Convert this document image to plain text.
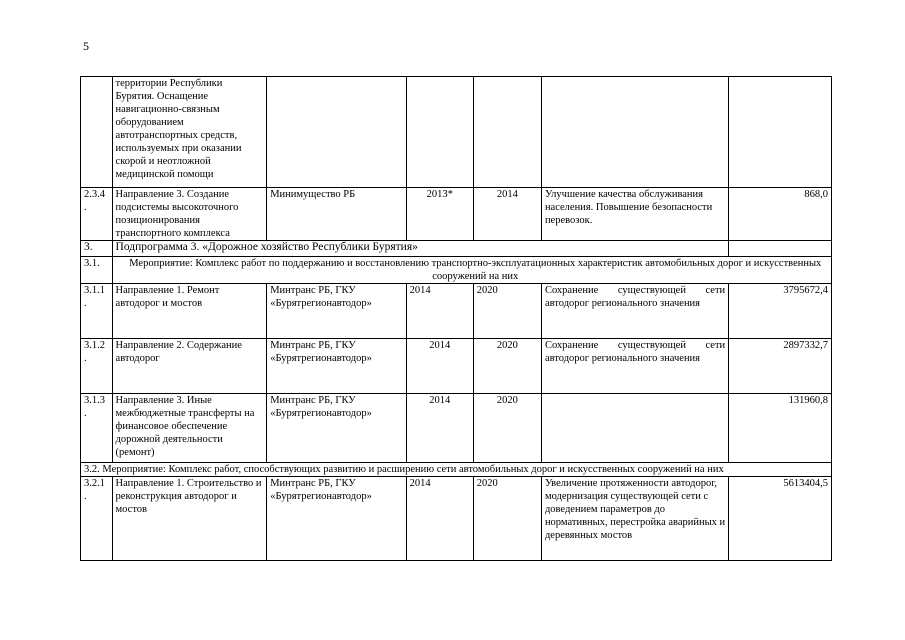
5
	территории Республики Бурятия. Оснащение навигационно-связным оборудованием автотранспортных средств, используемых при оказании скорой и неотложной медицинской помощи					
2.3.4 .	Направление 3. Создание подсистемы высокоточного позиционирования транспортного комплекса	Минимущество РБ	2013*	2014	Улучшение качества обслуживания населения. Повышение безопасности перевозок.	868,0
3.	Подпрограмма 3. «Дорожное хозяйство Республики Бурятия»					
3.1.	Мероприятие: Комплекс работ по поддержанию и восстановлению транспортно-эксплуатационных характеристик автомобильных дорог и искусственных сооружений на них					
3.1.1 .	Направление 1. Ремонт автодорог и мостов	Минтранс РБ, ГКУ «Бурятрегионавтодор»	2014	2020	Сохранение существующей сети автодорог регионального значения	3795672,4
3.1.2 .	Направление 2. Содержание автодорог	Минтранс РБ, ГКУ «Бурятрегионавтодор»	2014	2020	Сохранение существующей сети автодорог регионального значения	2897332,7
3.1.3 .	Направление 3. Иные межбюджетные трансферты на финансовое обеспечение дорожной деятельности (ремонт)	Минтранс РБ, ГКУ «Бурятрегионавтодор»	2014	2020		131960,8
3.2. Мероприятие: Комплекс работ, способствующих развитию и расширению сети автомобильных дорог и искусственных сооружений на них						
3.2.1 .	Направление 1. Строительство и реконструкция автодорог и мостов	Минтранс РБ, ГКУ «Бурятрегионавтодор»	2014	2020	Увеличение протяженности автодорог, модернизация существующей сети с доведением параметров до нормативных, перестройка аварийных и деревянных мостов	5613404,5
